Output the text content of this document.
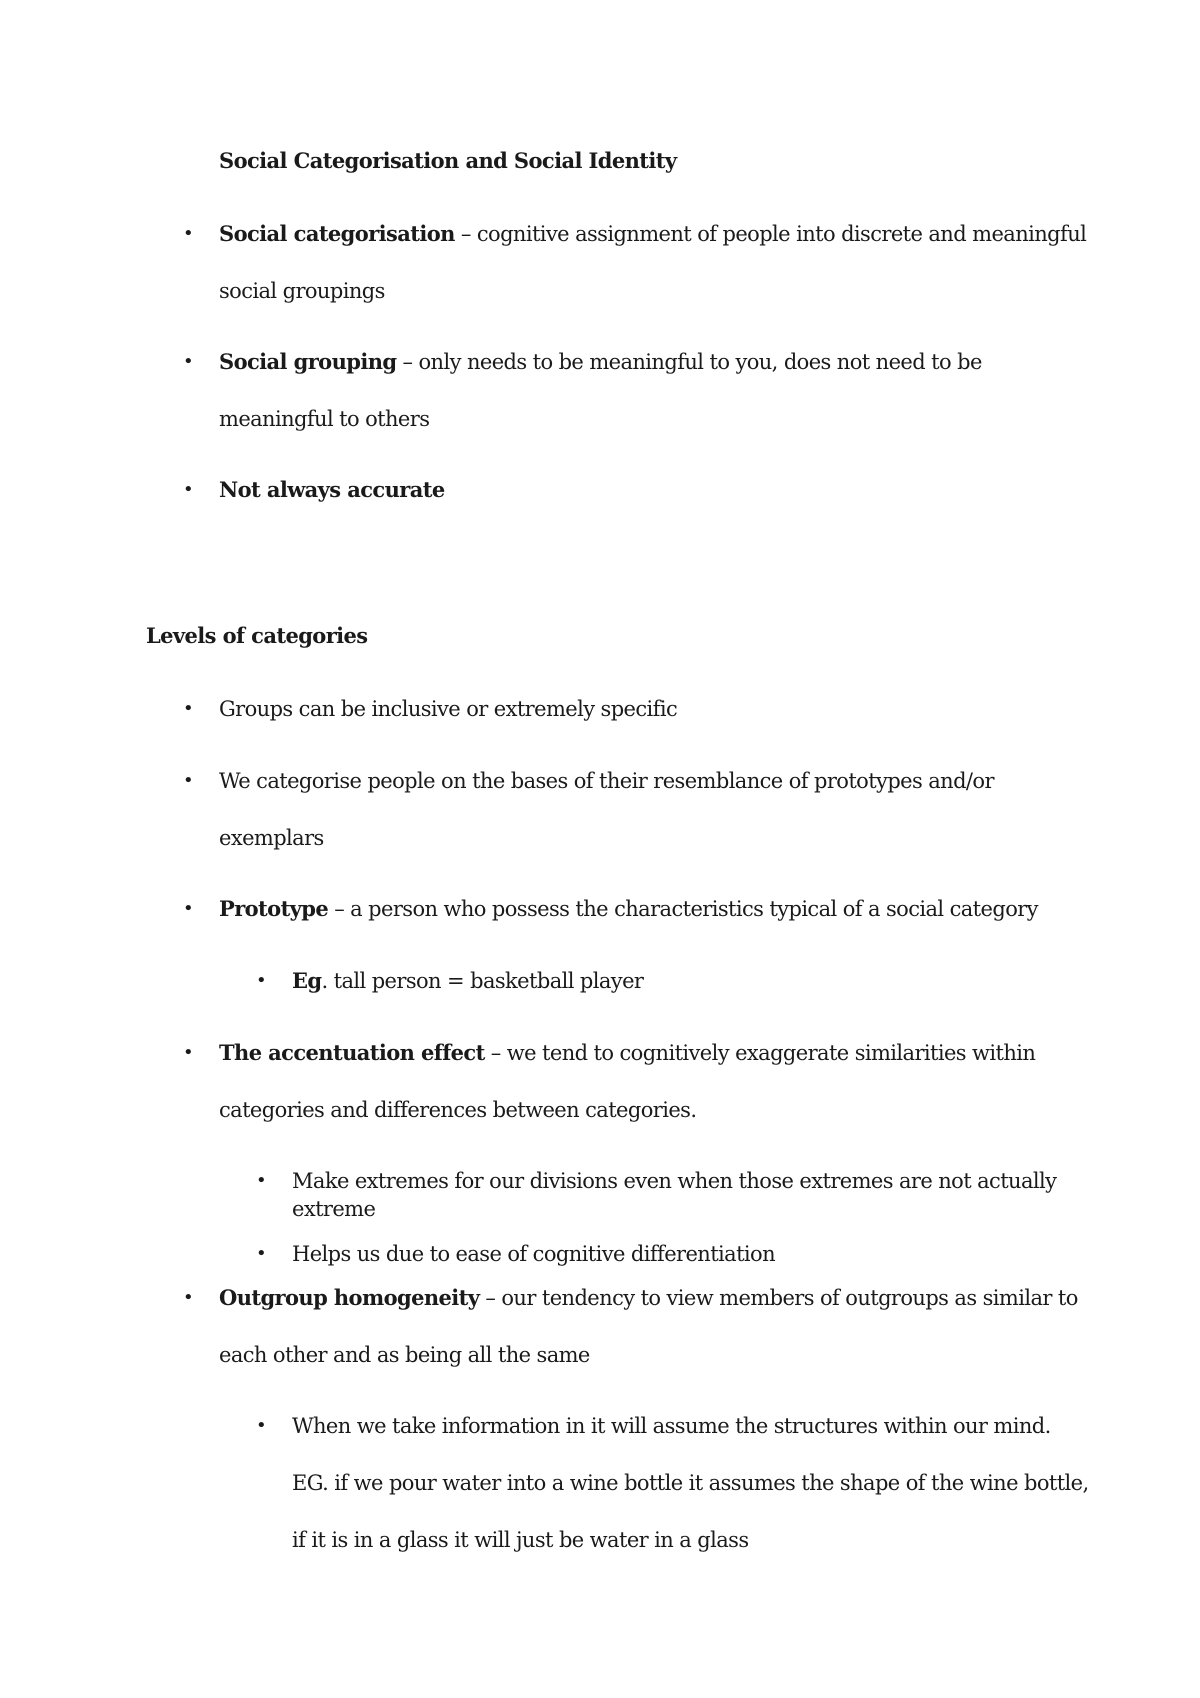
Social Categorisation and Social Identity
• Social categorisation – cognitive assignment of people into discrete and meaningful
social groupings
• Social grouping – only needs to be meaningful to you, does not need to be
meaningful to others
• Not always accurate
Levels of categories
• Groups can be inclusive or extremely specific
• We categorise people on the bases of their resemblance of prototypes and/or
exemplars
• Prototype – a person who possess the characteristics typical of a social category
• Eg. tall person = basketball player
• The accentuation effect – we tend to cognitively exaggerate similarities within
categories and differences between categories.
• Make extremes for our divisions even when those extremes are not actually
extreme
• Helps us due to ease of cognitive differentiation
• Outgroup homogeneity – our tendency to view members of outgroups as similar to
each other and as being all the same
• When we take information in it will assume the structures within our mind.
EG. if we pour water into a wine bottle it assumes the shape of the wine bottle,
if it is in a glass it will just be water in a glass
